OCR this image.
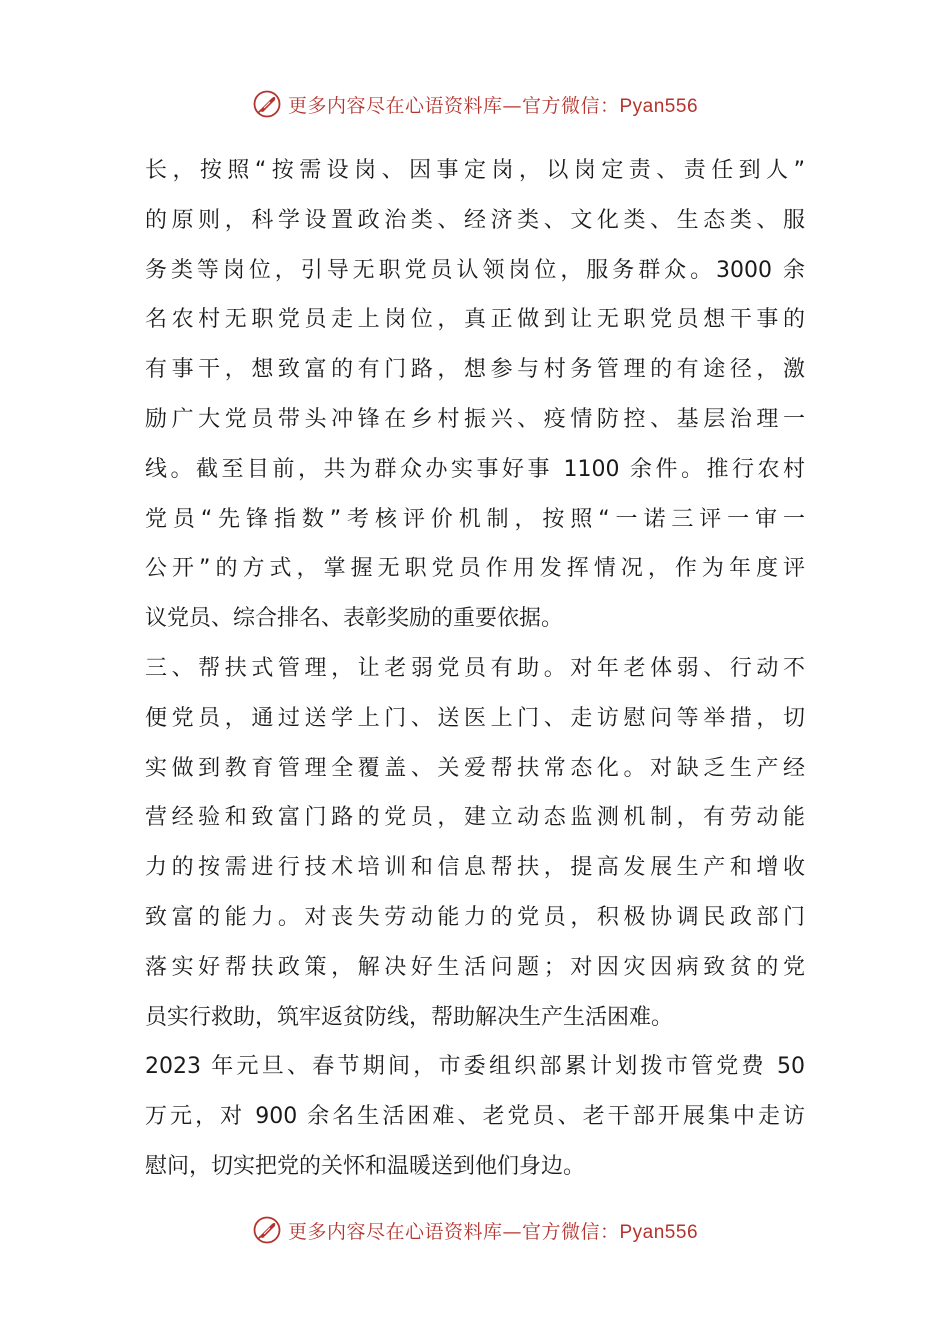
更多内容尽在心语资料库—官方微信：Pyan556
长，按照“按需设岗、因事定岗，以岗定责、责任到人”
的原则，科学设置政治类、经济类、文化类、生态类、服
务类等岗位，引导无职党员认领岗位，服务群众。3000 余
名农村无职党员走上岗位，真正做到让无职党员想干事的
有事干，想致富的有门路，想参与村务管理的有途径，激
励广大党员带头冲锋在乡村振兴、疫情防控、基层治理一
线。截至目前，共为群众办实事好事 1100 余件。推行农村
党员“先锋指数”考核评价机制，按照“一诺三评一审一
公开”的方式，掌握无职党员作用发挥情况，作为年度评
议党员、综合排名、表彰奖励的重要依据。
三、帮扶式管理，让老弱党员有助。对年老体弱、行动不
便党员，通过送学上门、送医上门、走访慰问等举措，切
实做到教育管理全覆盖、关爱帮扶常态化。对缺乏生产经
营经验和致富门路的党员，建立动态监测机制，有劳动能
力的按需进行技术培训和信息帮扶，提高发展生产和增收
致富的能力。对丧失劳动能力的党员，积极协调民政部门
落实好帮扶政策，解决好生活问题；对因灾因病致贫的党
员实行救助，筑牢返贫防线，帮助解决生产生活困难。
2023 年元旦、春节期间，市委组织部累计划拨市管党费 50
万元，对 900 余名生活困难、老党员、老干部开展集中走访
慰问，切实把党的关怀和温暖送到他们身边。
更多内容尽在心语资料库—官方微信：Pyan556
